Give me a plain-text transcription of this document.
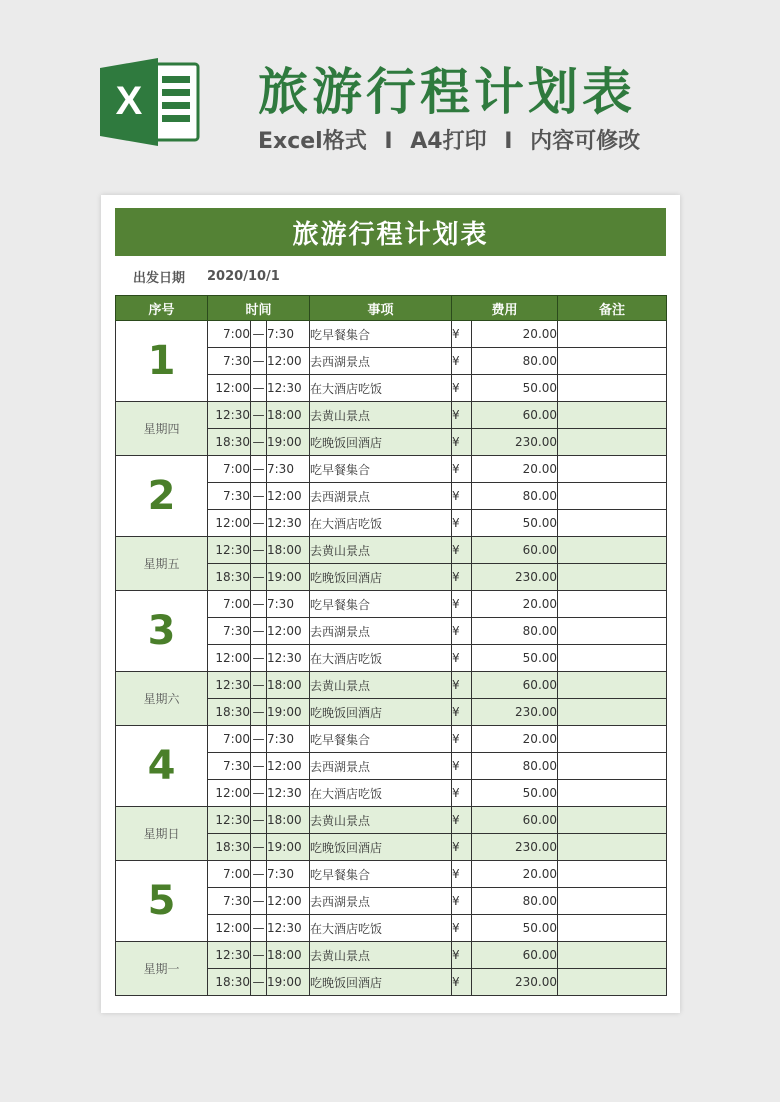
X 旅游行程计划表
Excel格式 I A4打印 I 内容可修改
旅游行程计划表
出发日期 2020/10/1
序号	时间			事项	费用		备注

1	7:00	—	7:30	吃早餐集合	¥	20.00	
	7:30	—	12:00	去西湖景点	¥	80.00	
	12:00	—	12:30	在大酒店吃饭	¥	50.00	
星期四	12:30	—	18:00	去黄山景点	¥	60.00	
	18:30	—	19:00	吃晚饭回酒店	¥	230.00	

2	7:00	—	7:30	吃早餐集合	¥	20.00	
	7:30	—	12:00	去西湖景点	¥	80.00	
	12:00	—	12:30	在大酒店吃饭	¥	50.00	
星期五	12:30	—	18:00	去黄山景点	¥	60.00	
	18:30	—	19:00	吃晚饭回酒店	¥	230.00	

3	7:00	—	7:30	吃早餐集合	¥	20.00	
	7:30	—	12:00	去西湖景点	¥	80.00	
	12:00	—	12:30	在大酒店吃饭	¥	50.00	
星期六	12:30	—	18:00	去黄山景点	¥	60.00	
	18:30	—	19:00	吃晚饭回酒店	¥	230.00	

4	7:00	—	7:30	吃早餐集合	¥	20.00	
	7:30	—	12:00	去西湖景点	¥	80.00	
	12:00	—	12:30	在大酒店吃饭	¥	50.00	
星期日	12:30	—	18:00	去黄山景点	¥	60.00	
	18:30	—	19:00	吃晚饭回酒店	¥	230.00	

5	7:00	—	7:30	吃早餐集合	¥	20.00	
	7:30	—	12:00	去西湖景点	¥	80.00	
	12:00	—	12:30	在大酒店吃饭	¥	50.00	
星期一	12:30	—	18:00	去黄山景点	¥	60.00	
	18:30	—	19:00	吃晚饭回酒店	¥	230.00	
